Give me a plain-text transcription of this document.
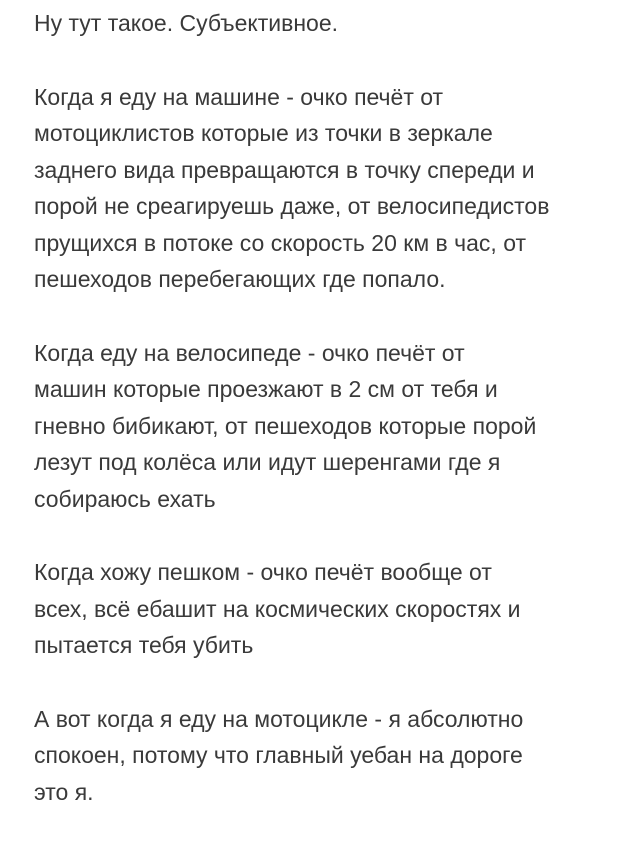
Ну тут такое. Субъективное.

Когда я еду на машине - очко печёт от
мотоциклистов которые из точки в зеркале
заднего вида превращаются в точку спереди и
порой не среагируешь даже, от велосипедистов
прущихся в потоке со скорость 20 км в час, от
пешеходов перебегающих где попало.

Когда еду на велосипеде - очко печёт от
машин которые проезжают в 2 см от тебя и
гневно бибикают, от пешеходов которые порой
лезут под колёса или идут шеренгами где я
собираюсь ехать

Когда хожу пешком - очко печёт вообще от
всех, всё ебашит на космических скоростях и
пытается тебя убить

А вот когда я еду на мотоцикле - я абсолютно
спокоен, потому что главный уебан на дороге
это я.
